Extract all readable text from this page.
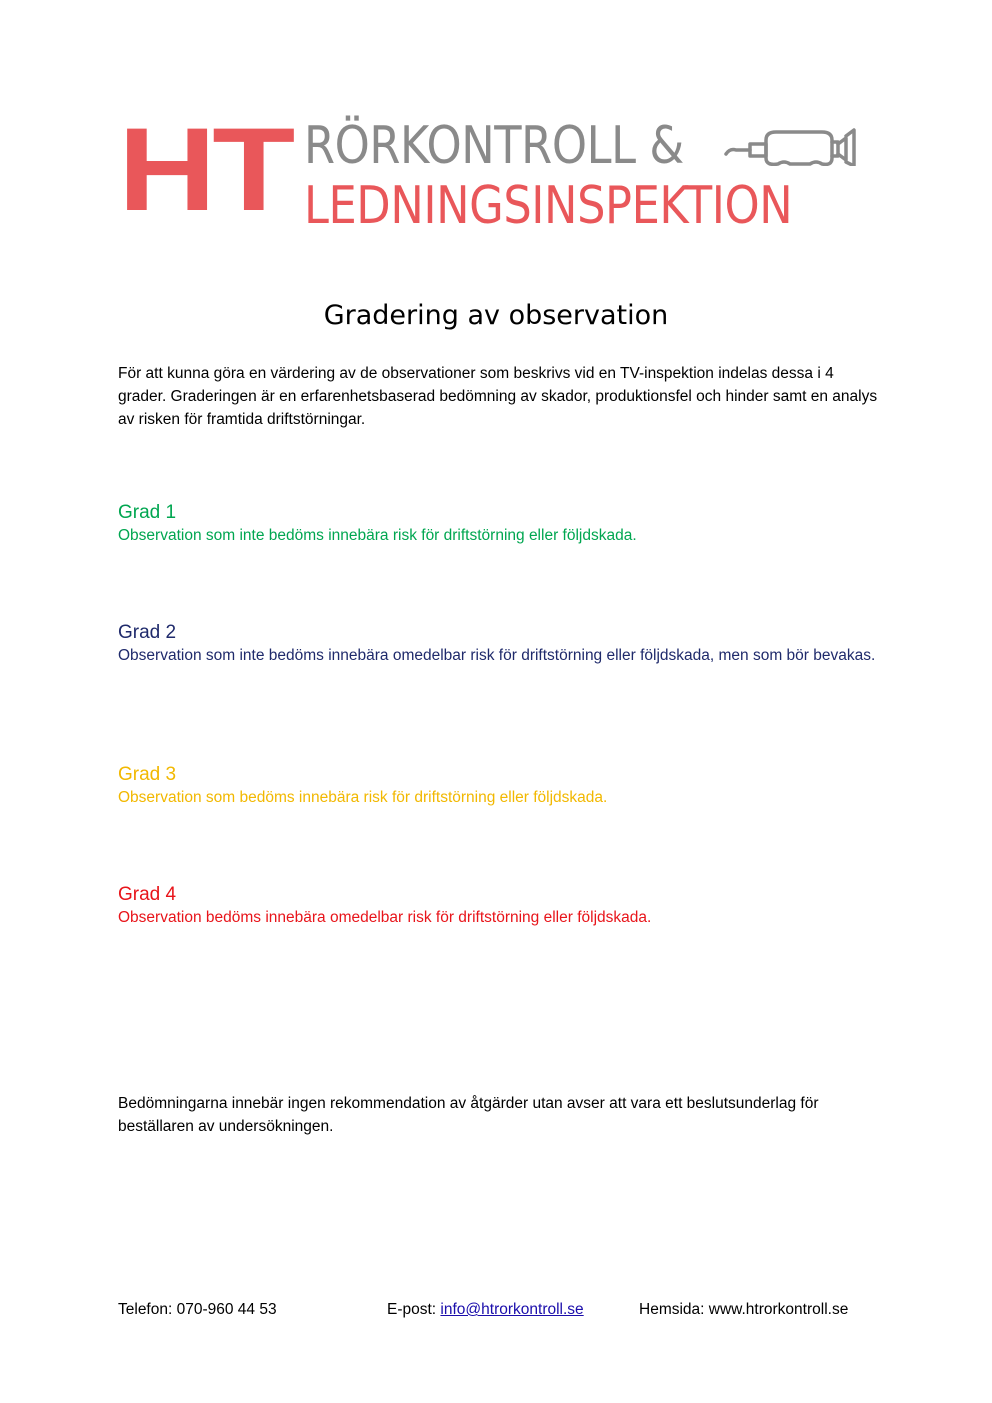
HT RÖRKONTROLL &
LEDNINGSINSPEKTION
Gradering av observation
För att kunna göra en värdering av de observationer som beskrivs vid en TV-inspektion indelas dessa i 4 grader. Graderingen är en erfarenhetsbaserad bedömning av skador, produktionsfel och hinder samt en analys av risken för framtida driftstörningar.

Grad 1

Observation som inte bedöms innebära risk för driftstörning eller följdskada.

Grad 2

Observation som inte bedöms innebära omedelbar risk för driftstörning eller följdskada, men som bör bevakas.

Grad 3

Observation som bedöms innebära risk för driftstörning eller följdskada.

Grad 4

Observation bedöms innebära omedelbar risk för driftstörning eller följdskada.

Bedömningarna innebär ingen rekommendation av åtgärder utan avser att vara ett beslutsunderlag för beställaren av undersökningen.
Telefon: 070-960 44 53	E-post: info@htrorkontroll.se	Hemsida: www.htrorkontroll.se
